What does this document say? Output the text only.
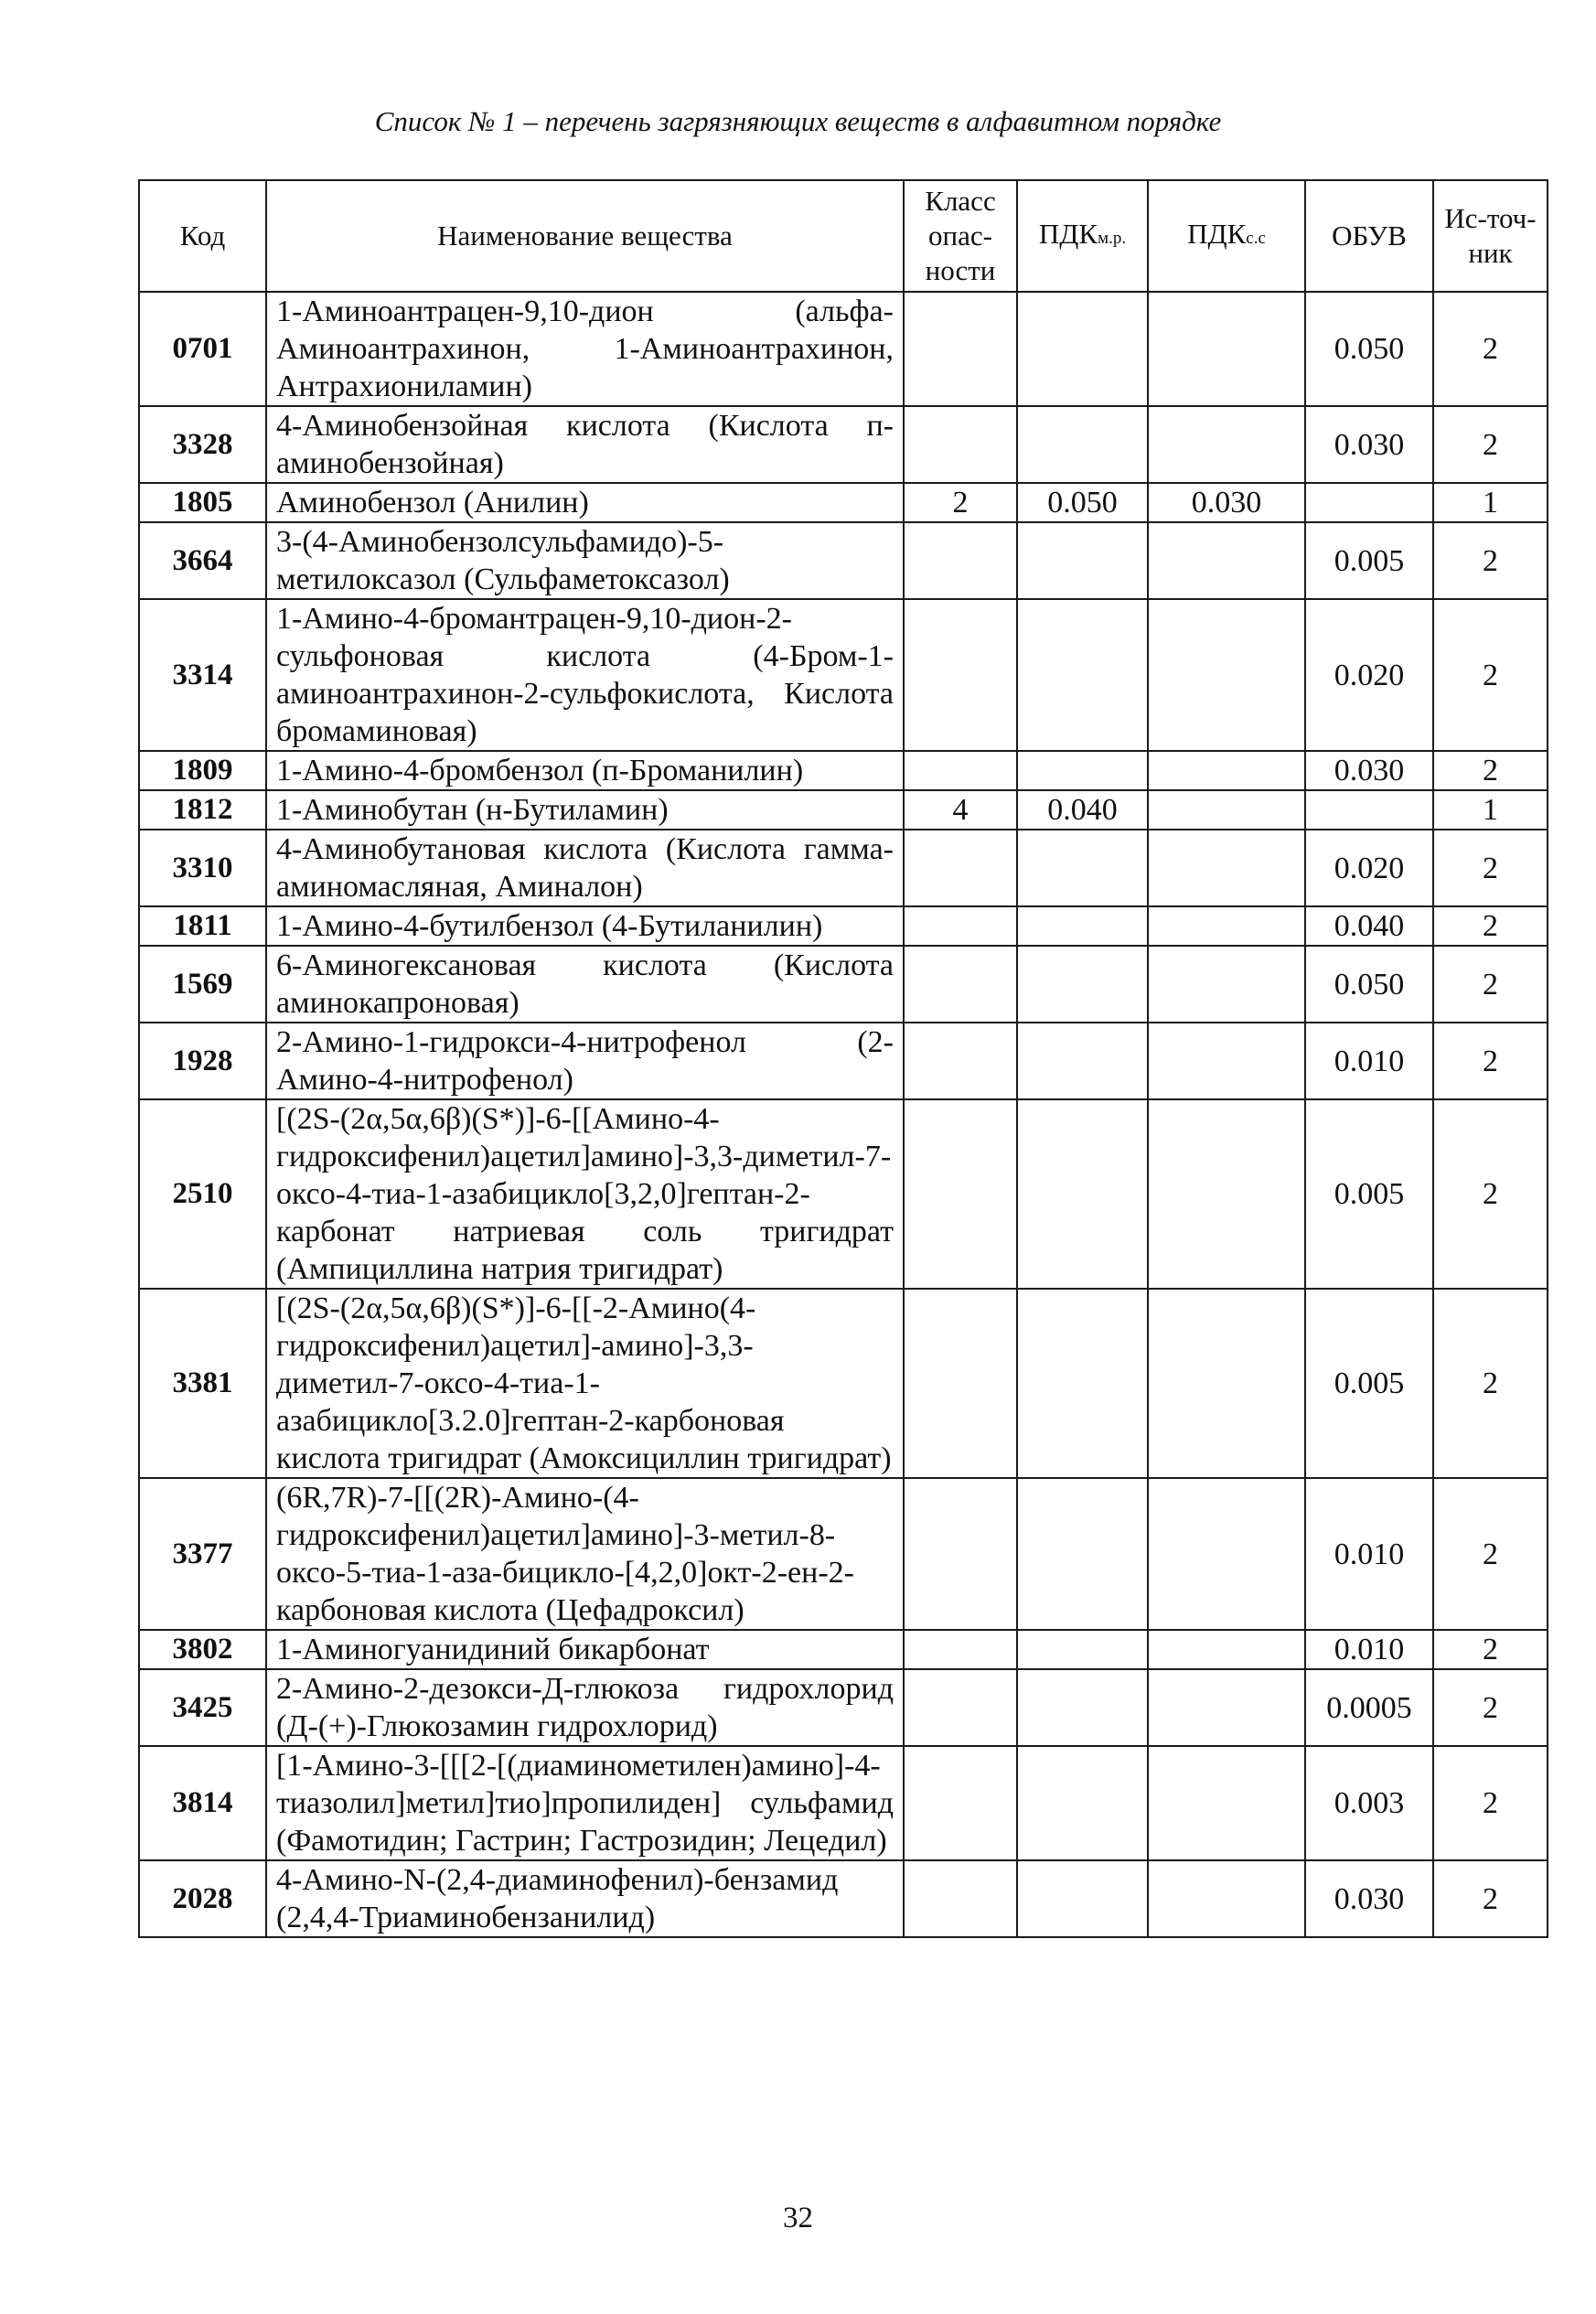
Список № 1 – перечень загрязняющих веществ в алфавитном порядке
Код	Наименование вещества	Класс опас-ности	ПДКм.р.	ПДКс.с	ОБУВ	Ис-точ-ник
0701	1-Аминоантрацен-9,10-дион (альфа-Аминоантрахинон, 1-Аминоантрахинон, Антрахиониламин)				0.050	2
3328	4-Аминобензойная кислота (Кислота п-аминобензойная)				0.030	2
1805	Аминобензол (Анилин)	2	0.050	0.030		1
3664	3-(4-Аминобензолсульфамидо)-5-метилоксазол (Сульфаметоксазол)				0.005	2
3314	1-Амино-4-бромантрацен-9,10-дион-2-сульфоновая кислота (4-Бром-1-аминоантрахинон-2-сульфокислота, Кислота бромаминовая)				0.020	2
1809	1-Амино-4-бромбензол (п-Броманилин)				0.030	2
1812	1-Аминобутан (н-Бутиламин)	4	0.040			1
3310	4-Аминобутановая кислота (Кислота гамма-аминомасляная, Аминалон)				0.020	2
1811	1-Амино-4-бутилбензол (4-Бутиланилин)				0.040	2
1569	6-Аминогексановая кислота (Кислота аминокапроновая)				0.050	2
1928	2-Амино-1-гидрокси-4-нитрофенол (2-Амино-4-нитрофенол)				0.010	2
2510	[(2S-(2α,5α,6β)(S*)]-6-[[Амино-4-гидроксифенил)ацетил]амино]-3,3-диметил-7-оксо-4-тиа-1-азабицикло[3,2,0]гептан-2-карбонат натриевая соль тригидрат (Ампициллина натрия тригидрат)				0.005	2
3381	[(2S-(2α,5α,6β)(S*)]-6-[[-2-Амино(4-гидроксифенил)ацетил]-амино]-3,3-диметил-7-оксо-4-тиа-1-азабицикло[3.2.0]гептан-2-карбоновая кислота тригидрат (Амоксициллин тригидрат)				0.005	2
3377	(6R,7R)-7-[[(2R)-Амино-(4-гидроксифенил)ацетил]амино]-3-метил-8-оксо-5-тиа-1-аза-бицикло-[4,2,0]окт-2-ен-2-карбоновая кислота (Цефадроксил)				0.010	2
3802	1-Аминогуанидиний бикарбонат				0.010	2
3425	2-Амино-2-дезокси-Д-глюкоза гидрохлорид (Д-(+)-Глюкозамин гидрохлорид)				0.0005	2
3814	[1-Амино-3-[[[2-[(диаминометилен)амино]-4-тиазолил]метил]тио]пропилиден] сульфамид (Фамотидин; Гастрин; Гастрозидин; Лецедил)				0.003	2
2028	4-Амино-N-(2,4-диаминофенил)-бензамид (2,4,4-Триаминобензанилид)				0.030	2
32
